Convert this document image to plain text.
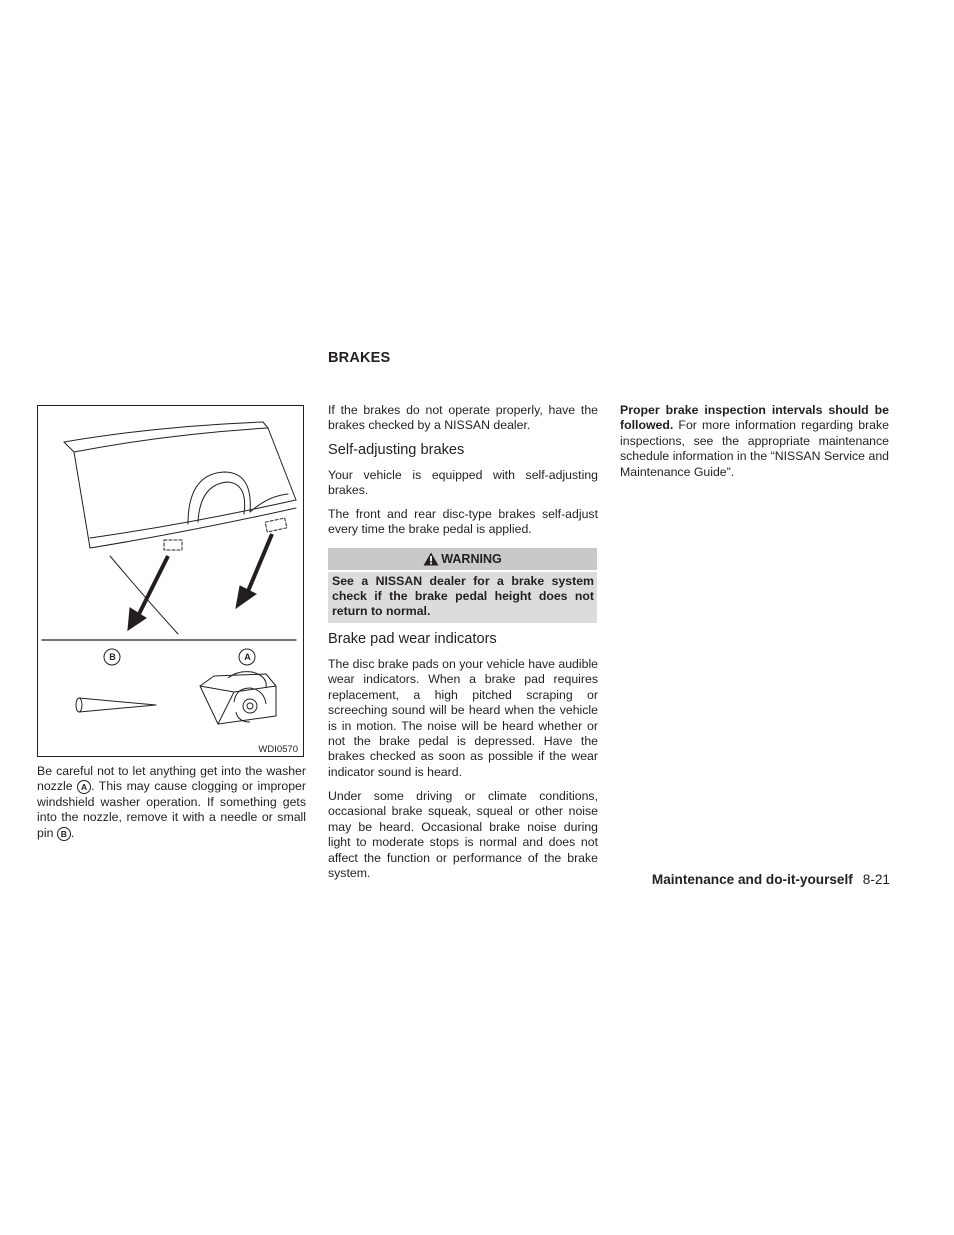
BRAKES
B	A
WDI0570
Be careful not to let anything get into the washer nozzle A . This may cause clogging or improper windshield washer operation. If something gets into the nozzle, remove it with a needle or small pin B .

If the brakes do not operate properly, have the brakes checked by a NISSAN dealer.

Self-adjusting brakes

Your vehicle is equipped with self-adjusting brakes.

The front and rear disc-type brakes self-adjust every time the brake pedal is applied.

WARNING

See a NISSAN dealer for a brake system check if the brake pedal height does not return to normal.

Brake pad wear indicators

The disc brake pads on your vehicle have audible wear indicators. When a brake pad requires replacement, a high pitched scraping or screeching sound will be heard when the vehicle is in motion. The noise will be heard whether or not the brake pedal is depressed. Have the brakes checked as soon as possible if the wear indicator sound is heard.

Under some driving or climate conditions, occasional brake squeak, squeal or other noise may be heard. Occasional brake noise during light to moderate stops is normal and does not affect the function or performance of the brake system.

Proper brake inspection intervals should be followed. For more information regarding brake inspections, see the appropriate maintenance schedule information in the “NISSAN Service and Maintenance Guide”.

Maintenance and do-it-yourself 8-21
